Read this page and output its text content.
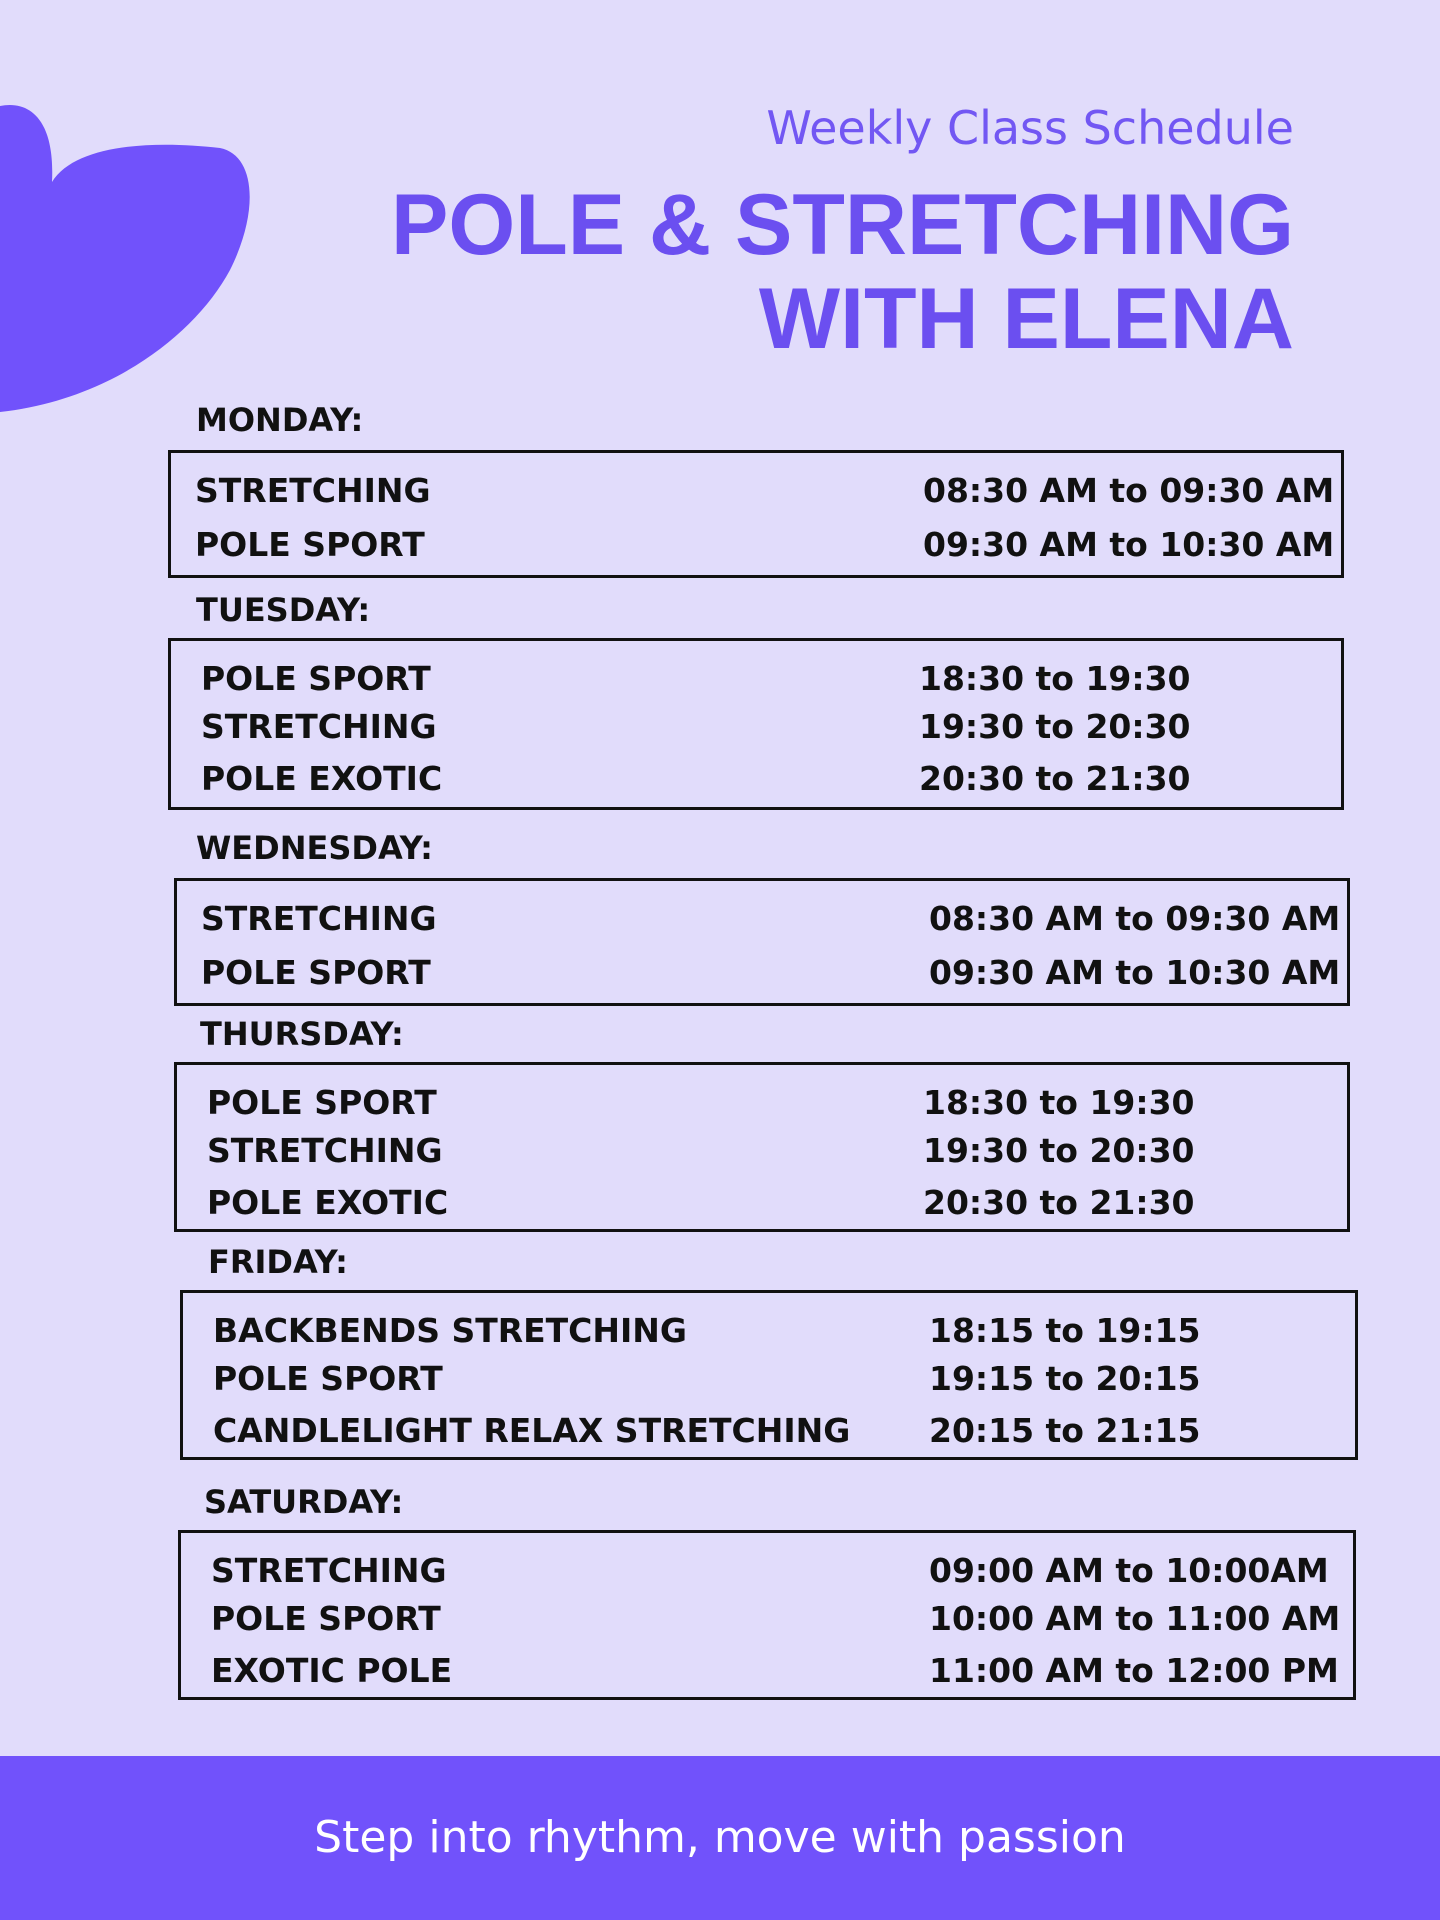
Weekly Class Schedule
POLE & STRETCHING
WITH ELENA
MONDAY:
STRETCHING	08:30 AM to 09:30 AM
POLE SPORT	09:30 AM to 10:30 AM
TUESDAY:
POLE SPORT	18:30 to 19:30
STRETCHING	19:30 to 20:30
POLE EXOTIC	20:30 to 21:30
WEDNESDAY:
STRETCHING	08:30 AM to 09:30 AM
POLE SPORT	09:30 AM to 10:30 AM
THURSDAY:
POLE SPORT	18:30 to 19:30
STRETCHING	19:30 to 20:30
POLE EXOTIC	20:30 to 21:30
FRIDAY:
BACKBENDS STRETCHING	18:15 to 19:15
POLE SPORT	19:15 to 20:15
CANDLELIGHT RELAX STRETCHING 20:15 to 21:15
SATURDAY:
STRETCHING	09:00 AM to 10:00AM
POLE SPORT	10:00 AM to 11:00 AM
EXOTIC POLE	11:00 AM to 12:00 PM
Step into rhythm, move with passion
